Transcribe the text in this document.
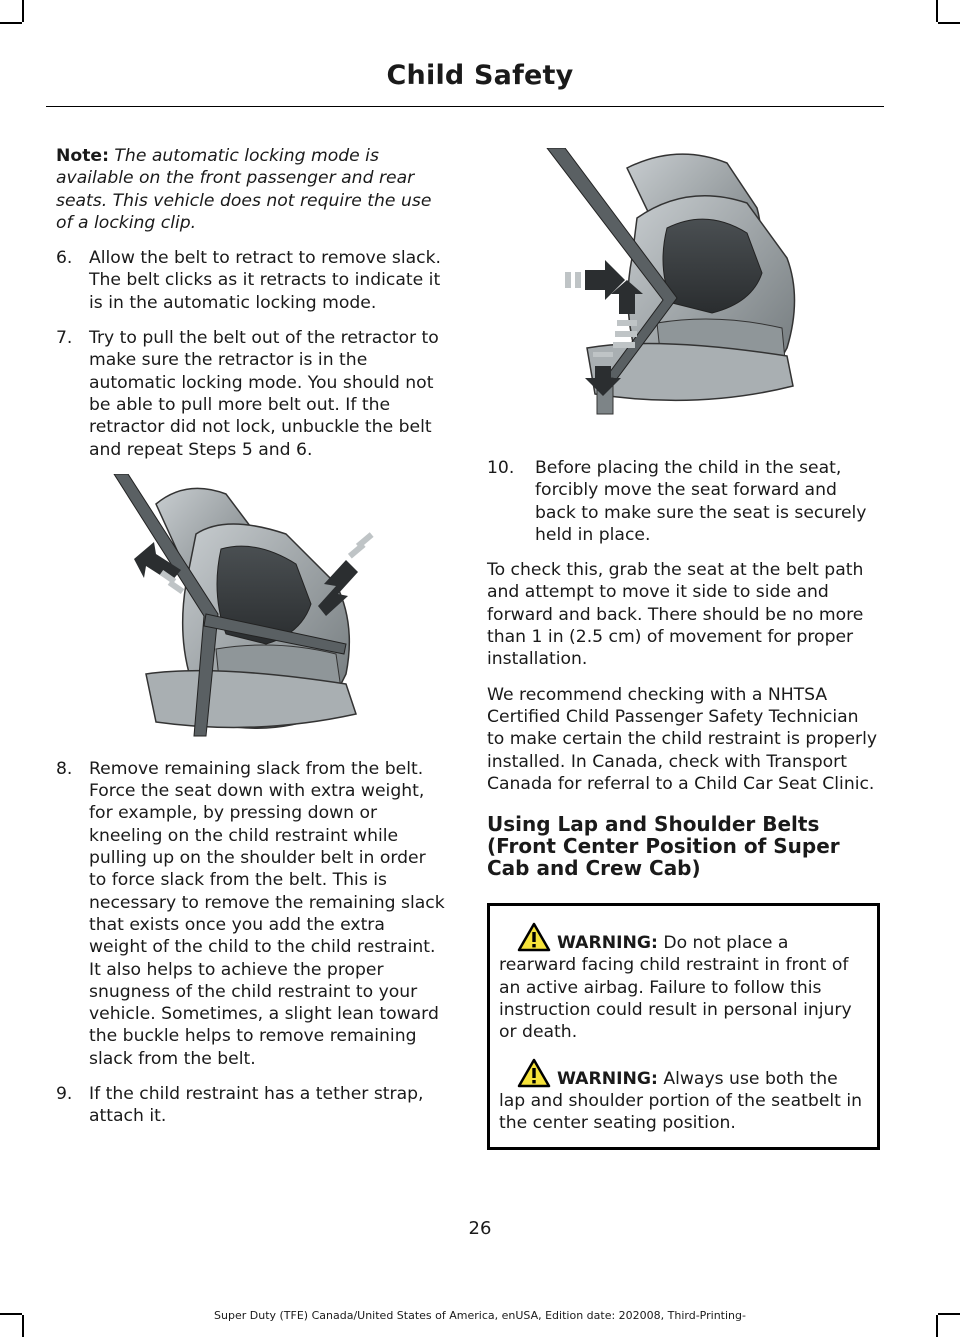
Child Safety

Note: The automatic locking mode is available on the front passenger and rear seats. This vehicle does not require the use of a locking clip.

6. Allow the belt to retract to remove slack. The belt clicks as it retracts to indicate it is in the automatic locking mode.
7. Try to pull the belt out of the retractor to make sure the retractor is in the automatic locking mode. You should not be able to pull more belt out. If the retractor did not lock, unbuckle the belt and repeat Steps 5 and 6.
8. Remove remaining slack from the belt. Force the seat down with extra weight, for example, by pressing down or kneeling on the child restraint while pulling up on the shoulder belt in order to force slack from the belt. This is necessary to remove the remaining slack that exists once you add the extra weight of the child to the child restraint. It also helps to achieve the proper snugness of the child restraint to your vehicle. Sometimes, a slight lean toward the buckle helps to remove remaining slack from the belt.
9. If the child restraint has a tether strap, attach it.
10. Before placing the child in the seat, forcibly move the seat forward and back to make sure the seat is securely held in place.

To check this, grab the seat at the belt path and attempt to move it side to side and forward and back. There should be no more than 1 in (2.5 cm) of movement for proper installation.

We recommend checking with a NHTSA Certified Child Passenger Safety Technician to make certain the child restraint is properly installed. In Canada, check with Transport Canada for referral to a Child Car Seat Clinic.

Using Lap and Shoulder Belts (Front Center Position of Super Cab and Crew Cab)
WARNING: Do not place a rearward facing child restraint in front of an active airbag. Failure to follow this instruction could result in personal injury or death.
WARNING: Always use both the lap and shoulder portion of the seatbelt in the center seating position.
26
Super Duty (TFE) Canada/United States of America, enUSA, Edition date: 202008, Third-Printing-
